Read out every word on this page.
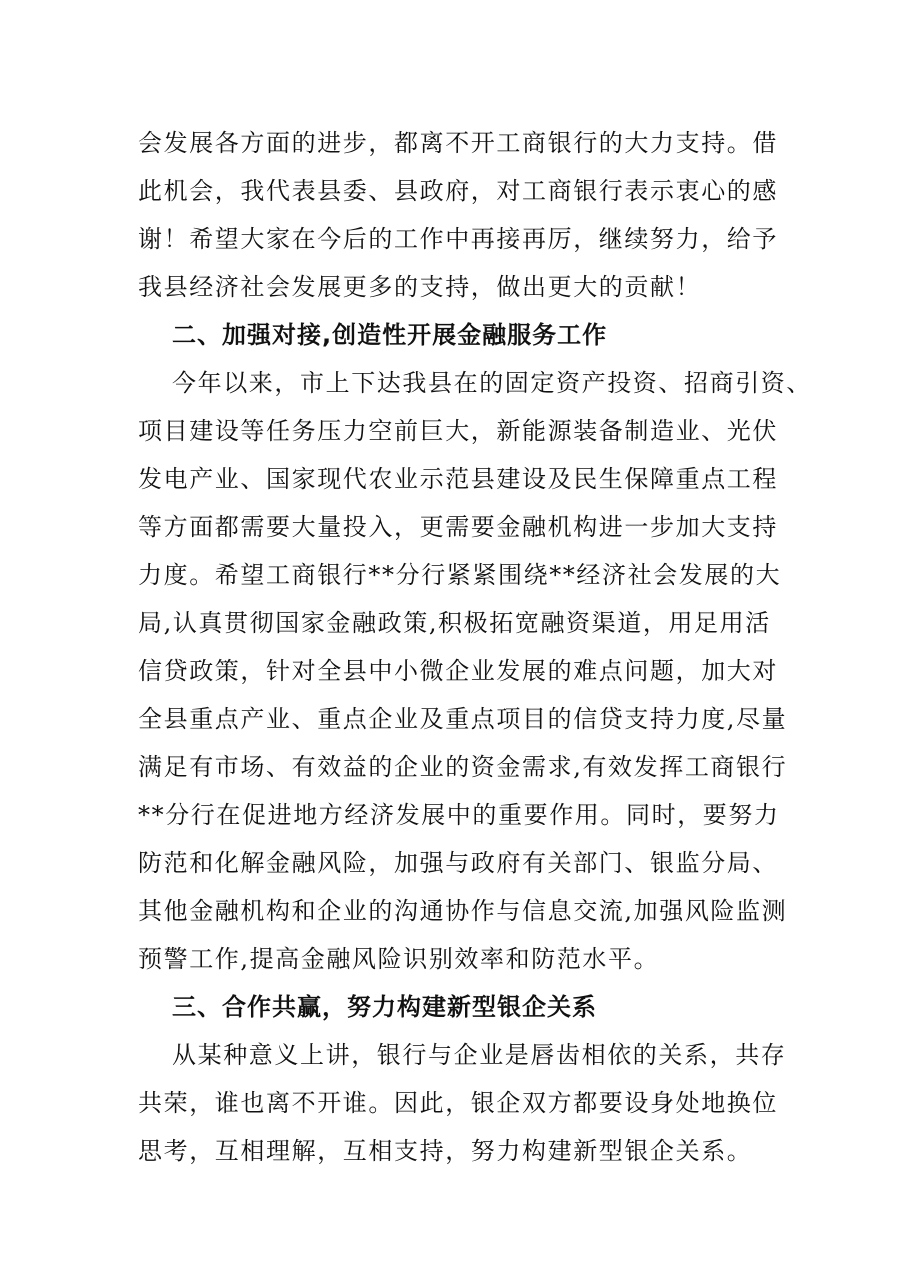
会发展各方面的进步，都离不开工商银行的大力支持。借
此机会，我代表县委、县政府，对工商银行表示衷心的感
谢！希望大家在今后的工作中再接再厉，继续努力，给予
我县经济社会发展更多的支持，做出更大的贡献！
二、加强对接,创造性开展金融服务工作
今年以来，市上下达我县在的固定资产投资、招商引资、
项目建设等任务压力空前巨大，新能源装备制造业、光伏
发电产业、国家现代农业示范县建设及民生保障重点工程
等方面都需要大量投入，更需要金融机构进一步加大支持
力度。希望工商银行**分行紧紧围绕**经济社会发展的大
局,认真贯彻国家金融政策,积极拓宽融资渠道，用足用活
信贷政策，针对全县中小微企业发展的难点问题，加大对
全县重点产业、重点企业及重点项目的信贷支持力度,尽量
满足有市场、有效益的企业的资金需求,有效发挥工商银行
**分行在促进地方经济发展中的重要作用。同时，要努力
防范和化解金融风险，加强与政府有关部门、银监分局、
其他金融机构和企业的沟通协作与信息交流,加强风险监测
预警工作,提高金融风险识别效率和防范水平。
三、合作共赢，努力构建新型银企关系
从某种意义上讲，银行与企业是唇齿相依的关系，共存
共荣，谁也离不开谁。因此，银企双方都要设身处地换位
思考，互相理解，互相支持，努力构建新型银企关系。
